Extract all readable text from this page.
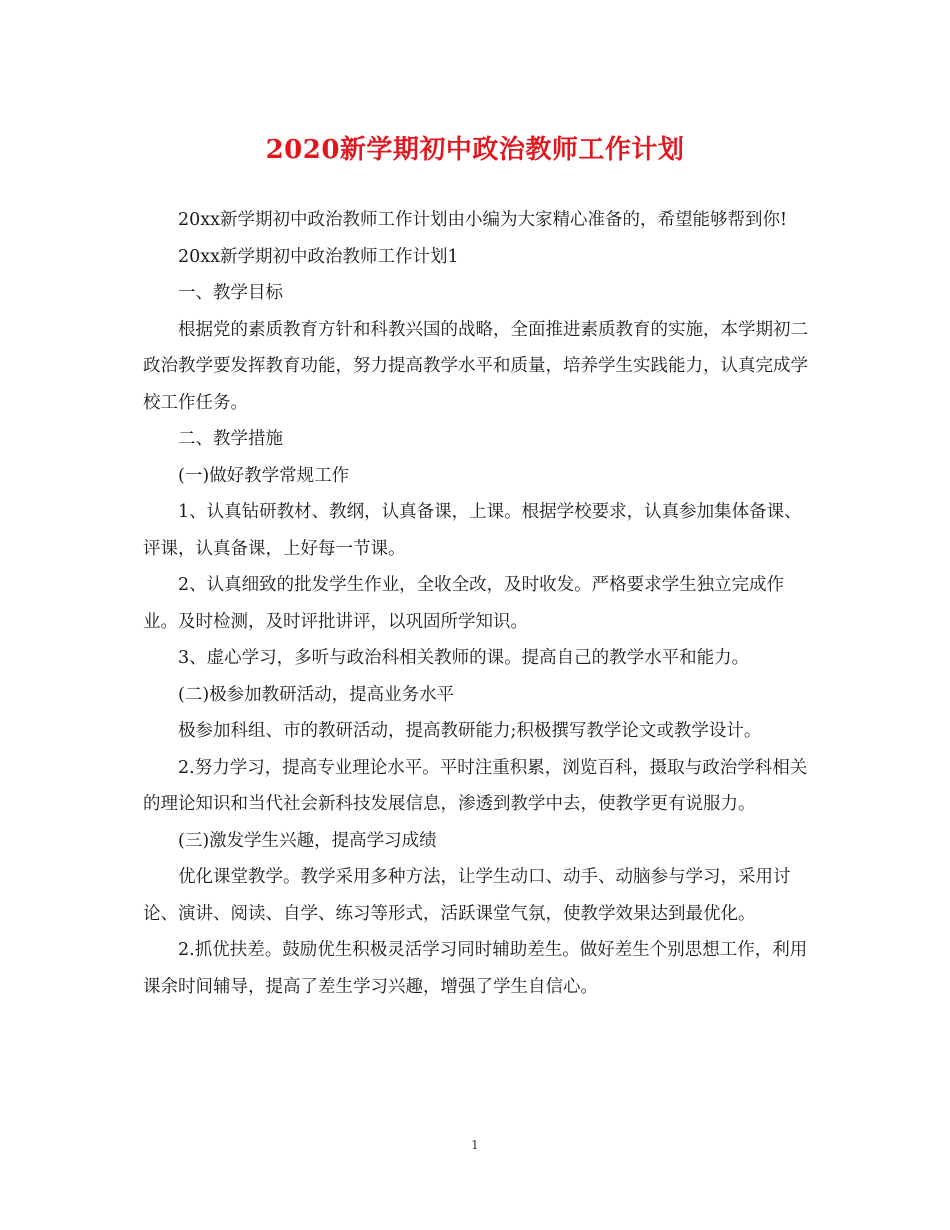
2020新学期初中政治教师工作计划

20xx新学期初中政治教师工作计划由小编为大家精心准备的，希望能够帮到你!

20xx新学期初中政治教师工作计划1

一、教学目标

根据党的素质教育方针和科教兴国的战略，全面推进素质教育的实施，本学期初二政治教学要发挥教育功能，努力提高教学水平和质量，培养学生实践能力，认真完成学校工作任务。

二、教学措施

(一)做好教学常规工作

1、认真钻研教材、教纲，认真备课，上课。根据学校要求，认真参加集体备课、评课，认真备课，上好每一节课。

2、认真细致的批发学生作业，全收全改，及时收发。严格要求学生独立完成作业。及时检测，及时评批讲评，以巩固所学知识。

3、虚心学习，多听与政治科相关教师的课。提高自己的教学水平和能力。

(二)极参加教研活动，提高业务水平

极参加科组、市的教研活动，提高教研能力;积极撰写教学论文或教学设计。

2.努力学习，提高专业理论水平。平时注重积累，浏览百科，摄取与政治学科相关的理论知识和当代社会新科技发展信息，渗透到教学中去，使教学更有说服力。

(三)激发学生兴趣，提高学习成绩

优化课堂教学。教学采用多种方法，让学生动口、动手、动脑参与学习，采用讨论、演讲、阅读、自学、练习等形式，活跃课堂气氛，使教学效果达到最优化。

2.抓优扶差。鼓励优生积极灵活学习同时辅助差生。做好差生个别思想工作，利用课余时间辅导，提高了差生学习兴趣，增强了学生自信心。

1
